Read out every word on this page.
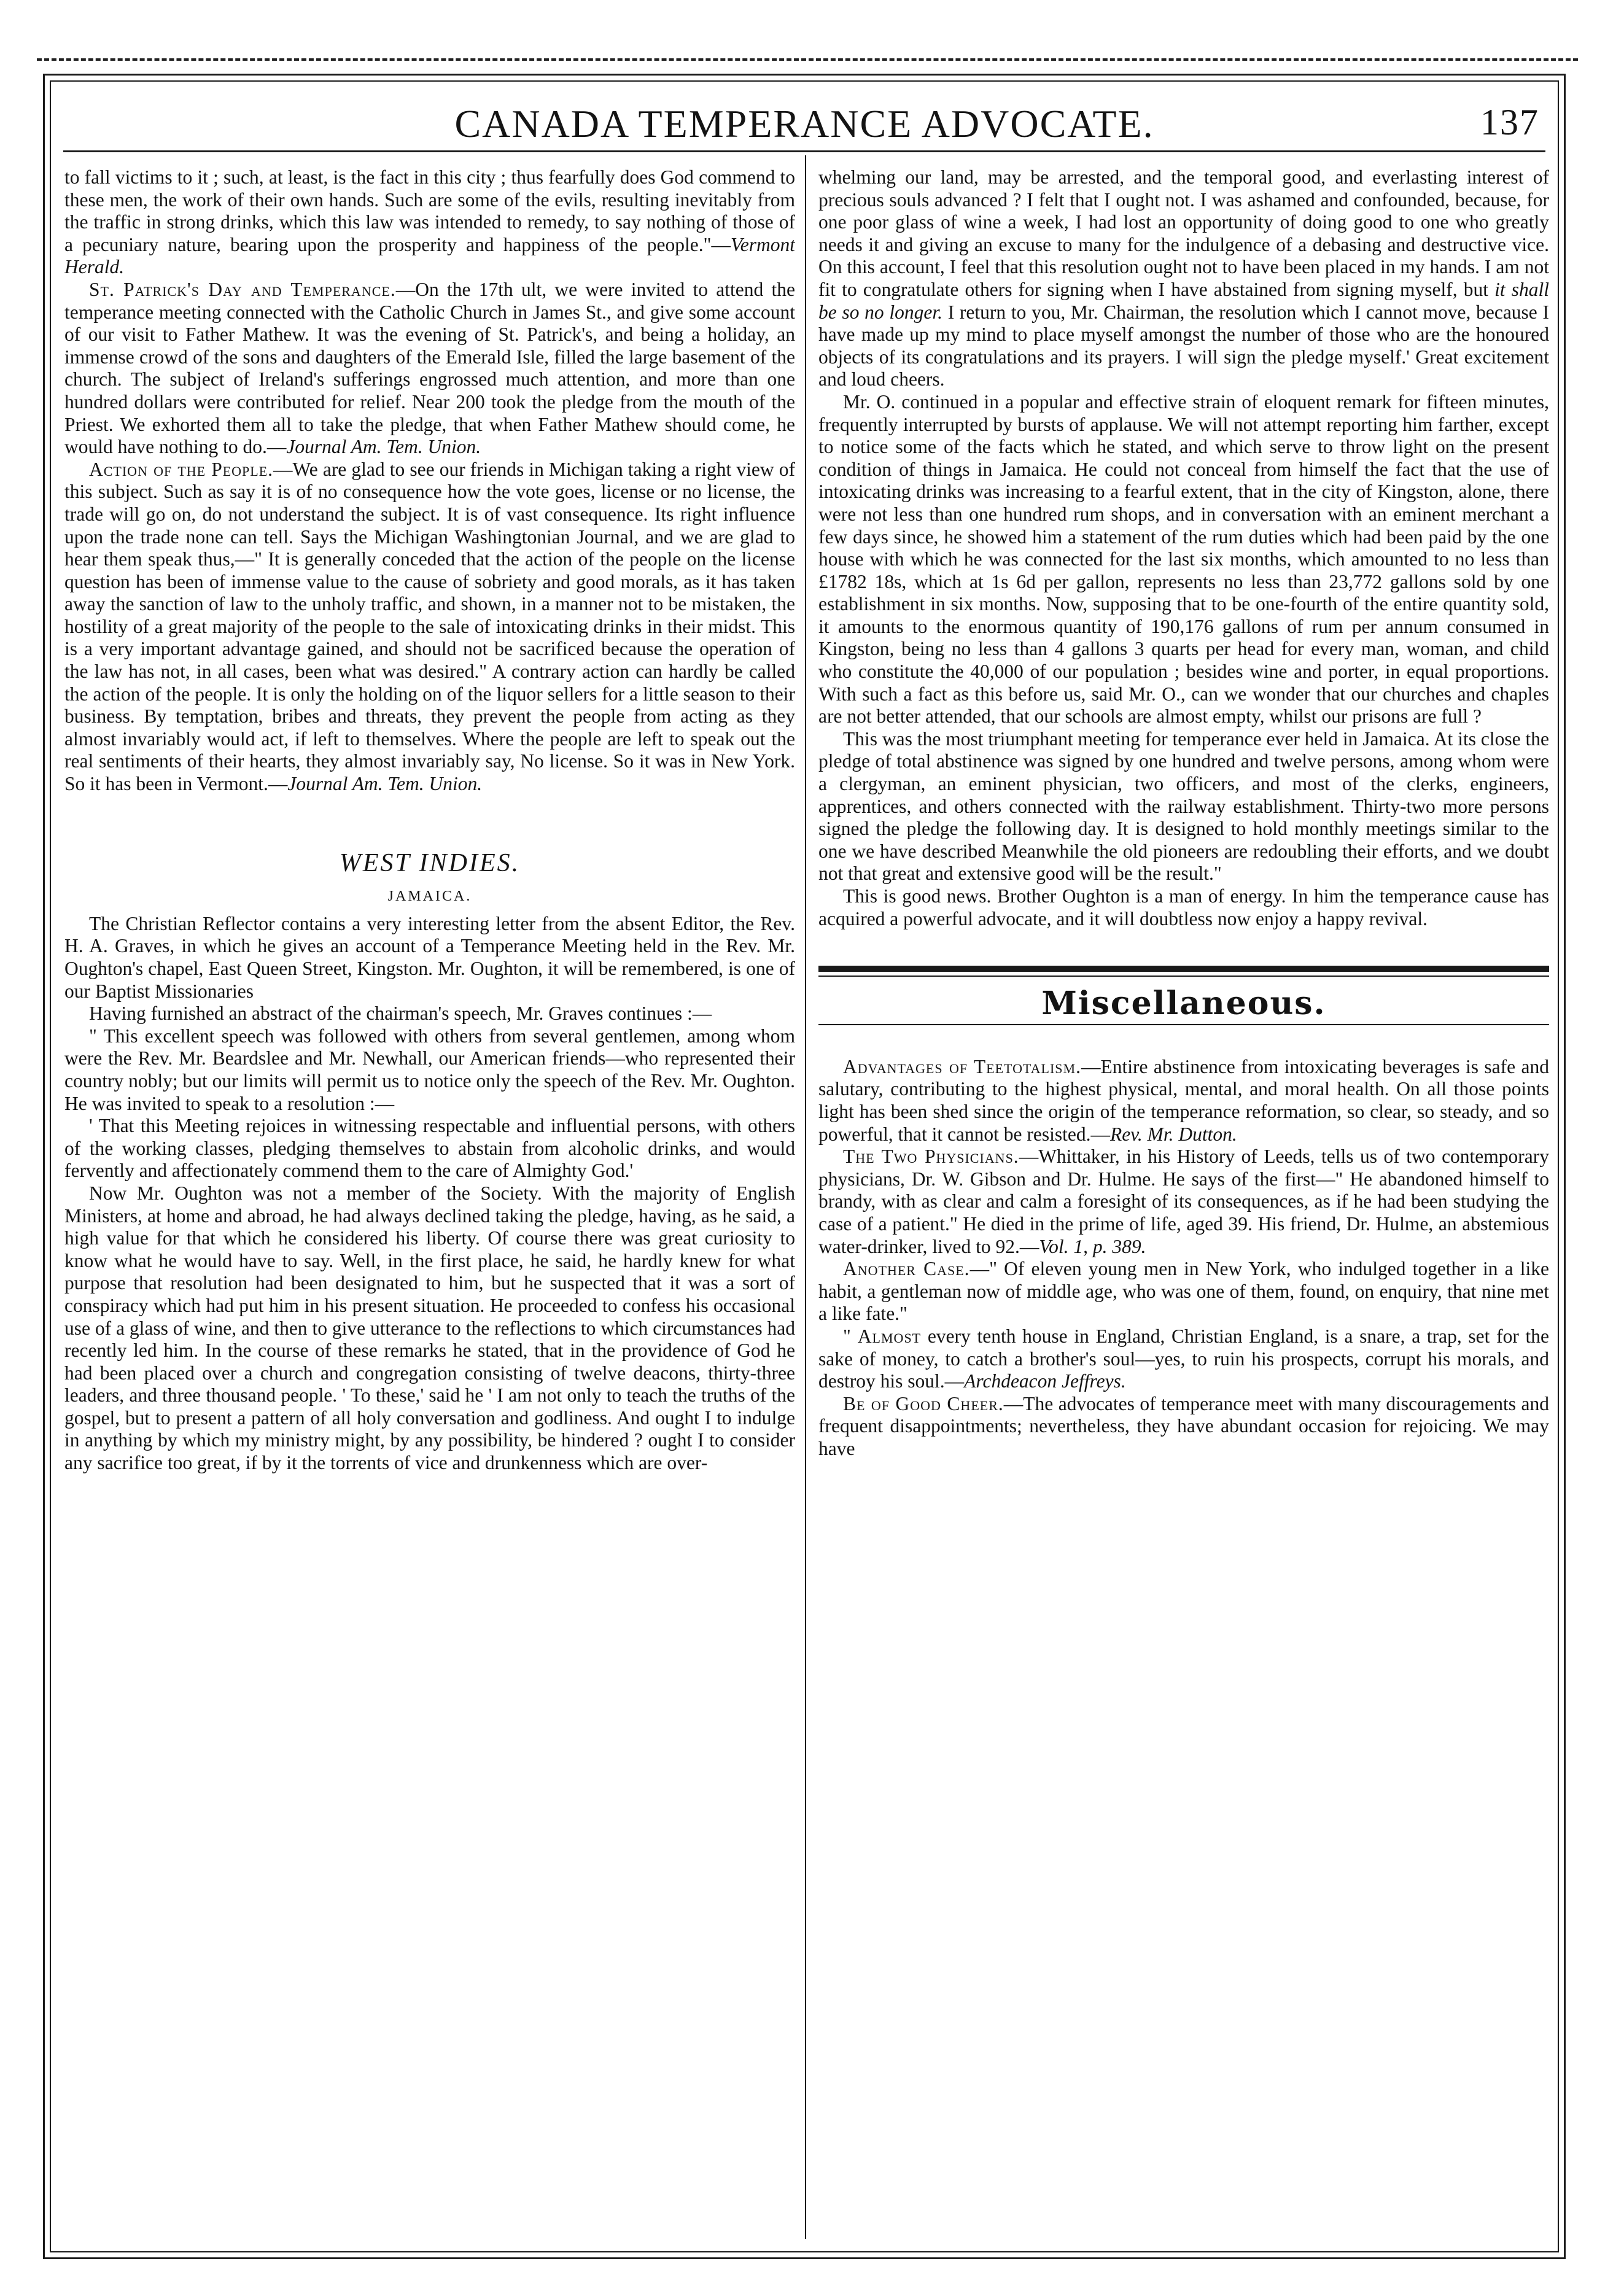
CANADA TEMPERANCE ADVOCATE.	137

to fall victims to it ; such, at least, is the fact in this city ; thus fearfully does God commend to these men, the work of their own hands. Such are some of the evils, resulting inevitably from the traffic in strong drinks, which this law was intended to remedy, to say nothing of those of a pecuniary nature, bearing upon the prosperity and happiness of the people."—Vermont Herald.

St. Patrick's Day and Temperance.—On the 17th ult, we were invited to attend the temperance meeting connected with the Catholic Church in James St., and give some account of our visit to Father Mathew. It was the evening of St. Patrick's, and being a holiday, an immense crowd of the sons and daughters of the Emerald Isle, filled the large basement of the church. The subject of Ireland's sufferings engrossed much attention, and more than one hundred dollars were contributed for relief. Near 200 took the pledge from the mouth of the Priest. We exhorted them all to take the pledge, that when Father Mathew should come, he would have nothing to do.—Journal Am. Tem. Union.

Action of the People.—We are glad to see our friends in Michigan taking a right view of this subject. Such as say it is of no consequence how the vote goes, license or no license, the trade will go on, do not understand the subject. It is of vast consequence. Its right influence upon the trade none can tell. Says the Michigan Washingtonian Journal, and we are glad to hear them speak thus,—" It is generally conceded that the action of the people on the license question has been of immense value to the cause of sobriety and good morals, as it has taken away the sanction of law to the unholy traffic, and shown, in a manner not to be mistaken, the hostility of a great majority of the people to the sale of intoxicating drinks in their midst. This is a very important advantage gained, and should not be sacrificed because the operation of the law has not, in all cases, been what was desired." A contrary action can hardly be called the action of the people. It is only the holding on of the liquor sellers for a little season to their business. By temptation, bribes and threats, they prevent the people from acting as they almost invariably would act, if left to themselves. Where the people are left to speak out the real sentiments of their hearts, they almost invariably say, No license. So it was in New York. So it has been in Vermont.—Journal Am. Tem. Union.

WEST INDIES.
JAMAICA.

The Christian Reflector contains a very interesting letter from the absent Editor, the Rev. H. A. Graves, in which he gives an account of a Temperance Meeting held in the Rev. Mr. Oughton's chapel, East Queen Street, Kingston. Mr. Oughton, it will be remembered, is one of our Baptist Missionaries

Having furnished an abstract of the chairman's speech, Mr. Graves continues :—

" This excellent speech was followed with others from several gentlemen, among whom were the Rev. Mr. Beardslee and Mr. Newhall, our American friends—who represented their country nobly; but our limits will permit us to notice only the speech of the Rev. Mr. Oughton. He was invited to speak to a resolution :—

' That this Meeting rejoices in witnessing respectable and influential persons, with others of the working classes, pledging themselves to abstain from alcoholic drinks, and would fervently and affectionately commend them to the care of Almighty God.'

Now Mr. Oughton was not a member of the Society. With the majority of English Ministers, at home and abroad, he had always declined taking the pledge, having, as he said, a high value for that which he considered his liberty. Of course there was great curiosity to know what he would have to say. Well, in the first place, he said, he hardly knew for what purpose that resolution had been designated to him, but he suspected that it was a sort of conspiracy which had put him in his present situation. He proceeded to confess his occasional use of a glass of wine, and then to give utterance to the reflections to which circumstances had recently led him. In the course of these remarks he stated, that in the providence of God he had been placed over a church and congregation consisting of twelve deacons, thirty-three leaders, and three thousand people. ' To these,' said he ' I am not only to teach the truths of the gospel, but to present a pattern of all holy conversation and godliness. And ought I to indulge in anything by which my ministry might, by any possibility, be hindered ? ought I to consider any sacrifice too great, if by it the torrents of vice and drunkenness which are over-

whelming our land, may be arrested, and the temporal good, and everlasting interest of precious souls advanced ? I felt that I ought not. I was ashamed and confounded, because, for one poor glass of wine a week, I had lost an opportunity of doing good to one who greatly needs it and giving an excuse to many for the indulgence of a debasing and destructive vice. On this account, I feel that this resolution ought not to have been placed in my hands. I am not fit to congratulate others for signing when I have abstained from signing myself, but it shall be so no longer. I return to you, Mr. Chairman, the resolution which I cannot move, because I have made up my mind to place myself amongst the number of those who are the honoured objects of its congratulations and its prayers. I will sign the pledge myself.' Great excitement and loud cheers.

Mr. O. continued in a popular and effective strain of eloquent remark for fifteen minutes, frequently interrupted by bursts of applause. We will not attempt reporting him farther, except to notice some of the facts which he stated, and which serve to throw light on the present condition of things in Jamaica. He could not conceal from himself the fact that the use of intoxicating drinks was increasing to a fearful extent, that in the city of Kingston, alone, there were not less than one hundred rum shops, and in conversation with an eminent merchant a few days since, he showed him a statement of the rum duties which had been paid by the one house with which he was connected for the last six months, which amounted to no less than £1782 18s, which at 1s 6d per gallon, represents no less than 23,772 gallons sold by one establishment in six months. Now, supposing that to be one-fourth of the entire quantity sold, it amounts to the enormous quantity of 190,176 gallons of rum per annum consumed in Kingston, being no less than 4 gallons 3 quarts per head for every man, woman, and child who constitute the 40,000 of our population ; besides wine and porter, in equal proportions. With such a fact as this before us, said Mr. O., can we wonder that our churches and chaples are not better attended, that our schools are almost empty, whilst our prisons are full ?

This was the most triumphant meeting for temperance ever held in Jamaica. At its close the pledge of total abstinence was signed by one hundred and twelve persons, among whom were a clergyman, an eminent physician, two officers, and most of the clerks, engineers, apprentices, and others connected with the railway establishment. Thirty-two more persons signed the pledge the following day. It is designed to hold monthly meetings similar to the one we have described Meanwhile the old pioneers are redoubling their efforts, and we doubt not that great and extensive good will be the result."

This is good news. Brother Oughton is a man of energy. In him the temperance cause has acquired a powerful advocate, and it will doubtless now enjoy a happy revival.

Miscellaneous.

Advantages of Teetotalism.—Entire abstinence from intoxicating beverages is safe and salutary, contributing to the highest physical, mental, and moral health. On all those points light has been shed since the origin of the temperance reformation, so clear, so steady, and so powerful, that it cannot be resisted.—Rev. Mr. Dutton.

The Two Physicians.—Whittaker, in his History of Leeds, tells us of two contemporary physicians, Dr. W. Gibson and Dr. Hulme. He says of the first—" He abandoned himself to brandy, with as clear and calm a foresight of its consequences, as if he had been studying the case of a patient." He died in the prime of life, aged 39. His friend, Dr. Hulme, an abstemious water-drinker, lived to 92.—Vol. 1, p. 389.

Another Case.—" Of eleven young men in New York, who indulged together in a like habit, a gentleman now of middle age, who was one of them, found, on enquiry, that nine met a like fate."

" Almost every tenth house in England, Christian England, is a snare, a trap, set for the sake of money, to catch a brother's soul—yes, to ruin his prospects, corrupt his morals, and destroy his soul.—Archdeacon Jeffreys.

Be of Good Cheer.—The advocates of temperance meet with many discouragements and frequent disappointments; nevertheless, they have abundant occasion for rejoicing. We may have
